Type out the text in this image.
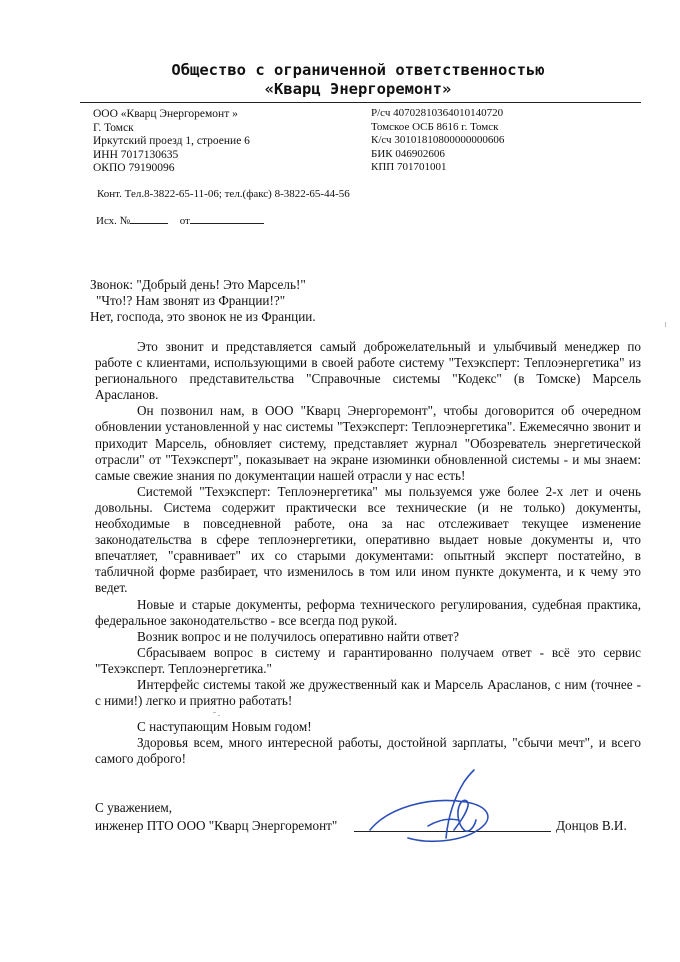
Общество с ограниченной ответственностью
«Кварц Энергоремонт»
ООО «Кварц Энергоремонт »
Г. Томск
Иркутский проезд 1, строение 6
ИНН 7017130635
ОКПО 79190096
Р/сч 40702810364010140720
Томское ОСБ 8616 г. Томск
К/сч 30101810800000000606
БИК 046902606
КПП 701701001
Конт. Тел.8-3822-65-11-06; тел.(факс) 8-3822-65-44-56
Исх. №	от
Звонок: "Добрый день! Это Марсель!"
"Что!? Нам звонят из Франции!?"
Нет, господа, это звонок не из Франции.

Это звонит и представляется самый доброжелательный и улыбчивый менеджер по работе с клиентами, использующими в своей работе систему "Техэксперт: Теплоэнергетика" из регионального представительства "Справочные системы "Кодекс" (в Томске) Марсель Арасланов.

Он позвонил нам, в ООО "Кварц Энергоремонт", чтобы договорится об очередном обновлении установленной у нас системы "Техэксперт: Теплоэнергетика". Ежемесячно звонит и приходит Марсель, обновляет систему, представляет журнал "Обозреватель энергетической отрасли" от "Техэксперт", показывает на экране изюминки обновленной системы - и мы знаем: самые свежие знания по документации нашей отрасли у нас есть!

Системой "Техэксперт: Теплоэнергетика" мы пользуемся уже более 2-х лет и очень довольны. Система содержит практически все технические (и не только) документы, необходимые в повседневной работе, она за нас отслеживает текущее изменение законодательства в сфере теплоэнергетики, оперативно выдает новые документы и, что впечатляет, "сравнивает" их со старыми документами: опытный эксперт постатейно, в табличной форме разбирает, что изменилось в том или ином пункте документа, и к чему это ведет.

Новые и старые документы, реформа технического регулирования, судебная практика, федеральное законодательство - все всегда под рукой.

Возник вопрос и не получилось оперативно найти ответ?

Сбрасываем вопрос в систему и гарантированно получаем ответ - всё это сервис "Техэксперт. Теплоэнергетика."

Интерфейс системы такой же дружественный как и Марсель Арасланов, с ним (точнее - с ними!) легко и приятно работать!

С наступающим Новым годом!

Здоровья всем, много интересной работы, достойной зарплаты, "сбычи мечт", и всего самого доброго!

С уважением,
инженер ПТО ООО "Кварц Энергоремонт"	Донцов В.И.
